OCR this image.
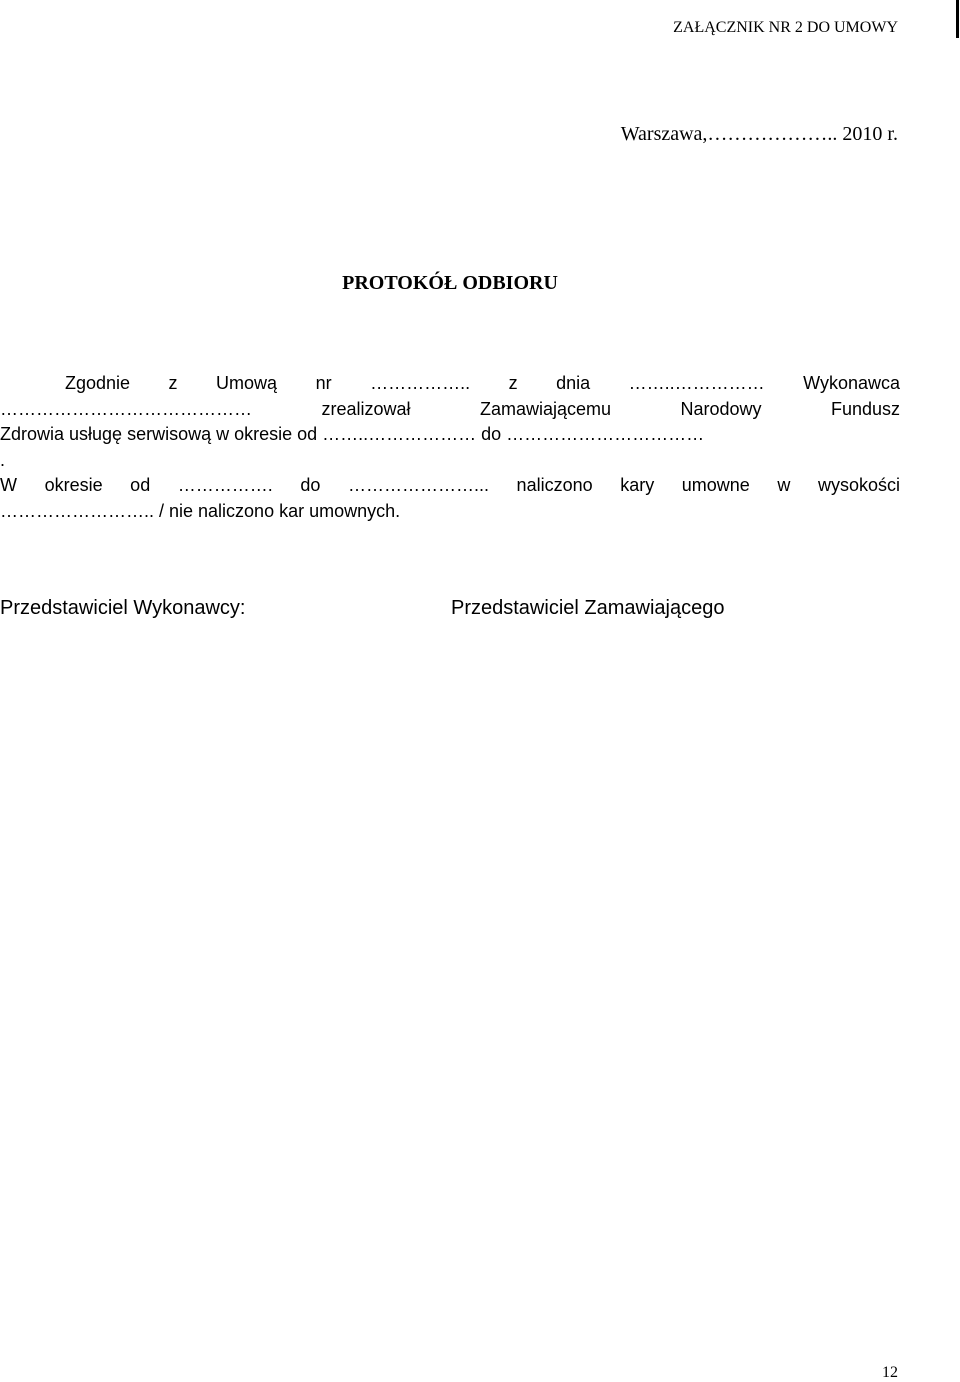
ZAŁĄCZNIK NR 2 DO UMOWY
Warszawa,……………….. 2010 r.
PROTOKÓŁ ODBIORU
Zgodnie z Umową nr …………….. z dnia ……..…………… Wykonawca
…………………………………… zrealizował Zamawiającemu Narodowy Fundusz
Zdrowia usługę serwisową w okresie od ……..……………… do ……………………………
.
W okresie od ……………. do …………………... naliczono kary umowne w wysokości
…………………….. / nie naliczono kar umownych.
Przedstawiciel Wykonawcy:	Przedstawiciel Zamawiającego
12
